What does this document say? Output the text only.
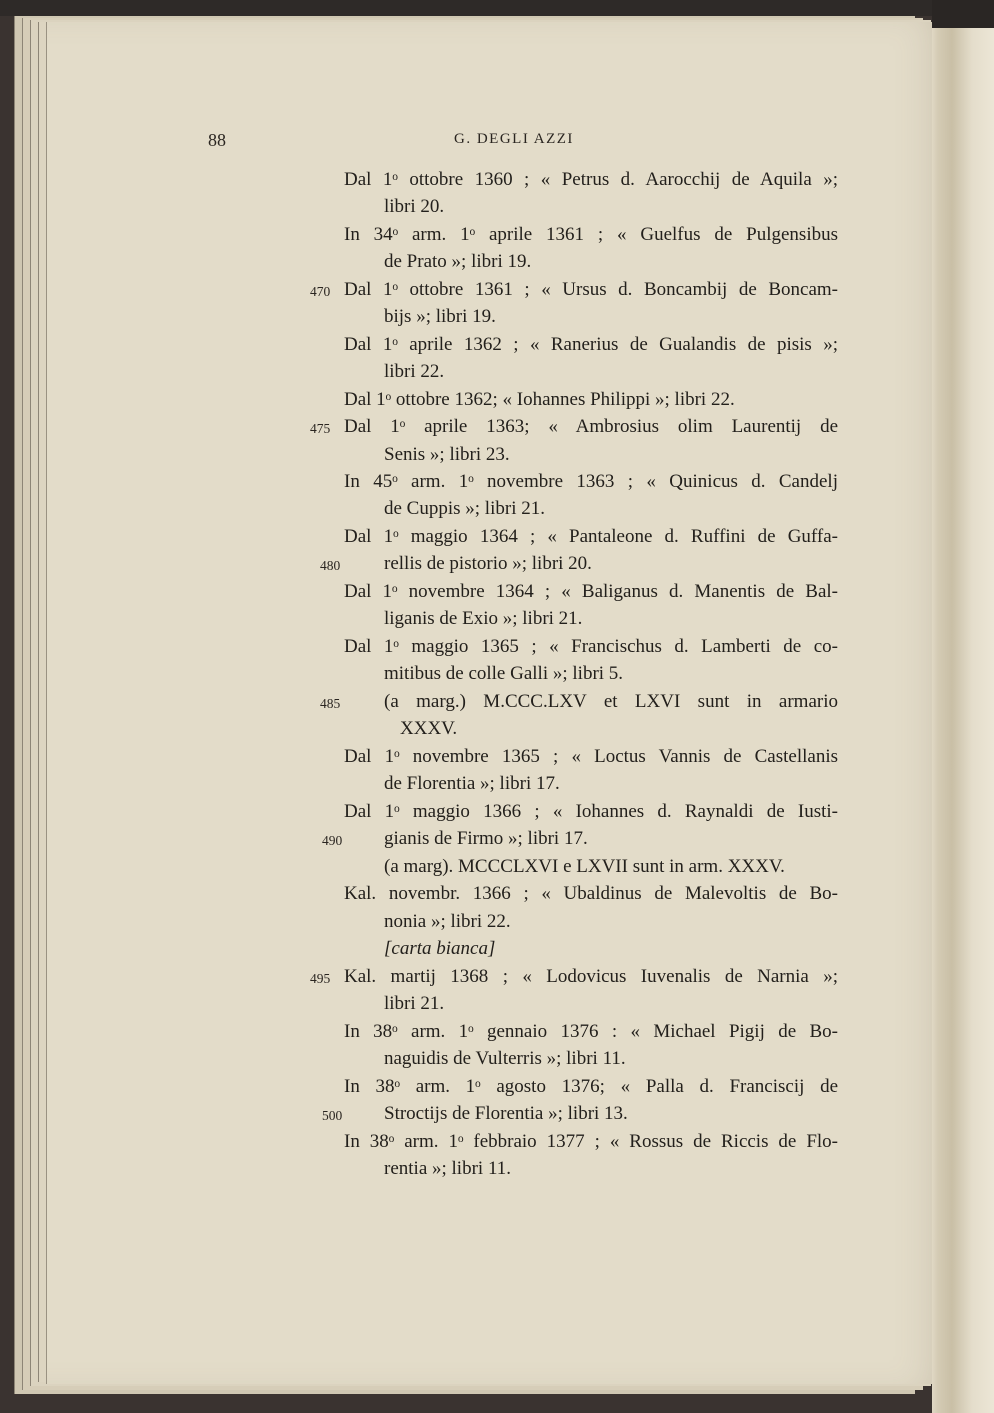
88	G. DEGLI AZZI
Dal 1ᵒ ottobre 1360 ; « Petrus d. Aarocchij de Aquila »;
libri 20.
In 34ᵒ arm. 1ᵒ aprile 1361 ; « Guelfus de Pulgensibus
de Prato »; libri 19.
Dal 1ᵒ ottobre 1361 ; « Ursus d. Boncambij de Boncam-
bijs »; libri 19.
Dal 1ᵒ aprile 1362 ; « Ranerius de Gualandis de pisis »;
libri 22.
Dal 1ᵒ ottobre 1362; « Iohannes Philippi »; libri 22.
Dal 1ᵒ aprile 1363; « Ambrosius olim Laurentij de
Senis »; libri 23.
In 45ᵒ arm. 1ᵒ novembre 1363 ; « Quinicus d. Candelj
de Cuppis »; libri 21.
Dal 1ᵒ maggio 1364 ; « Pantaleone d. Ruffini de Guffa-
rellis de pistorio »; libri 20.
Dal 1ᵒ novembre 1364 ; « Baliganus d. Manentis de Bal-
liganis de Exio »; libri 21.
Dal 1ᵒ maggio 1365 ; « Francischus d. Lamberti de co-
mitibus de colle Galli »; libri 5.
(a marg.) M.CCC.LXV et LXVI sunt in armario
XXXV.
Dal 1ᵒ novembre 1365 ; « Loctus Vannis de Castellanis
de Florentia »; libri 17.
Dal 1ᵒ maggio 1366 ; « Iohannes d. Raynaldi de Iusti-
gianis de Firmo »; libri 17.
(a marg). MCCCLXVI e LXVII sunt in arm. XXXV.
Kal. novembr. 1366 ; « Ubaldinus de Malevoltis de Bo-
nonia »; libri 22.
[carta bianca]
Kal. martij 1368 ; « Lodovicus Iuvenalis de Narnia »;
libri 21.
In 38ᵒ arm. 1ᵒ gennaio 1376 : « Michael Pigij de Bo-
naguidis de Vulterris »; libri 11.
In 38ᵒ arm. 1ᵒ agosto 1376; « Palla d. Franciscij de
Stroctijs de Florentia »; libri 13.
In 38ᵒ arm. 1ᵒ febbraio 1377 ; « Rossus de Riccis de Flo-
rentia »; libri 11.
470
475
480
485
490
495
500
